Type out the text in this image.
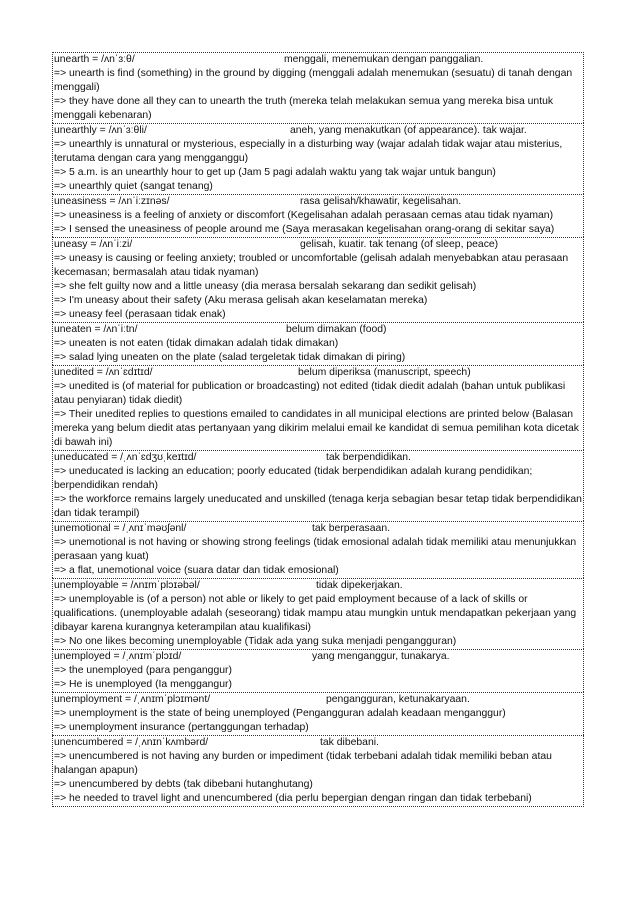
unearth = /ʌnˈɜːθ/	menggali, menemukan dengan panggalian.
=> unearth is find (something) in the ground by digging (menggali adalah menemukan (sesuatu) di tanah dengan menggali)
=> they have done all they can to unearth the truth (mereka telah melakukan semua yang mereka bisa untuk menggali kebenaran)
unearthly = /ʌnˈɜːθli/	aneh, yang menakutkan (of appearance). tak wajar.
=> unearthly is unnatural or mysterious, especially in a disturbing way (wajar adalah tidak wajar atau misterius, terutama dengan cara yang mengganggu)
=> 5 a.m. is an unearthly hour to get up (Jam 5 pagi adalah waktu yang tak wajar untuk bangun)
=> unearthly quiet (sangat tenang)
uneasiness = /ʌnˈiːzɪnəs/	rasa gelisah/khawatir, kegelisahan.
=> uneasiness is a feeling of anxiety or discomfort (Kegelisahan adalah perasaan cemas atau tidak nyaman)
=> I sensed the uneasiness of people around me (Saya merasakan kegelisahan orang-orang di sekitar saya)
uneasy = /ʌnˈiːzi/	gelisah, kuatir. tak tenang (of sleep, peace)
=> uneasy is causing or feeling anxiety; troubled or uncomfortable (gelisah adalah menyebabkan atau perasaan kecemasan; bermasalah atau tidak nyaman)
=> she felt guilty now and a little uneasy (dia merasa bersalah sekarang dan sedikit gelisah)
=> I'm uneasy about their safety (Aku merasa gelisah akan keselamatan mereka)
=> uneasy feel (perasaan tidak enak)
uneaten = /ʌnˈiːtn/	belum dimakan (food)
=> uneaten is not eaten (tidak dimakan adalah tidak dimakan)
=> salad lying uneaten on the plate (salad tergeletak tidak dimakan di piring)
unedited = /ʌnˈɛdɪtɪd/	belum diperiksa (manuscript, speech)
=> unedited is (of material for publication or broadcasting) not edited (tidak diedit adalah (bahan untuk publikasi atau penyiaran) tidak diedit)
=> Their unedited replies to questions emailed to candidates in all municipal elections are printed below (Balasan mereka yang belum diedit atas pertanyaan yang dikirim melalui email ke kandidat di semua pemilihan kota dicetak di bawah ini)
uneducated = /ˌʌnˈɛdʒʊˌkeɪtɪd/	tak berpendidikan.
=> uneducated is lacking an education; poorly educated (tidak berpendidikan adalah kurang pendidikan; berpendidikan rendah)
=> the workforce remains largely uneducated and unskilled (tenaga kerja sebagian besar tetap tidak berpendidikan dan tidak terampil)
unemotional = /ˌʌnɪˈməʊʃənl/	tak berperasaan.
=> unemotional is not having or showing strong feelings (tidak emosional adalah tidak memiliki atau menunjukkan perasaan yang kuat)
=> a flat, unemotional voice (suara datar dan tidak emosional)
unemployable = /ʌnɪmˈplɔɪəbəl/	tidak dipekerjakan.
=> unemployable is (of a person) not able or likely to get paid employment because of a lack of skills or qualifications. (unemployable adalah (seseorang) tidak mampu atau mungkin untuk mendapatkan pekerjaan yang dibayar karena kurangnya keterampilan atau kualifikasi)
=> No one likes becoming unemployable (Tidak ada yang suka menjadi pengangguran)
unemployed = /ˌʌnɪmˈplɔɪd/	yang menganggur, tunakarya.
=> the unemployed (para penganggur)
=> He is unemployed (Ia menggangur)
unemployment = /ˌʌnɪmˈplɔɪmənt/	pengangguran, ketunakaryaan.
=> unemployment is the state of being unemployed (Pengangguran adalah keadaan menganggur)
=> unemployment insurance (pertanggungan terhadap)
unencumbered = /ˌʌnɪnˈkʌmbərd/	tak dibebani.
=> unencumbered is not having any burden or impediment (tidak terbebani adalah tidak memiliki beban atau halangan apapun)
=> unencumbered by debts (tak dibebani hutanghutang)
=> he needed to travel light and unencumbered (dia perlu bepergian dengan ringan dan tidak terbebani)
